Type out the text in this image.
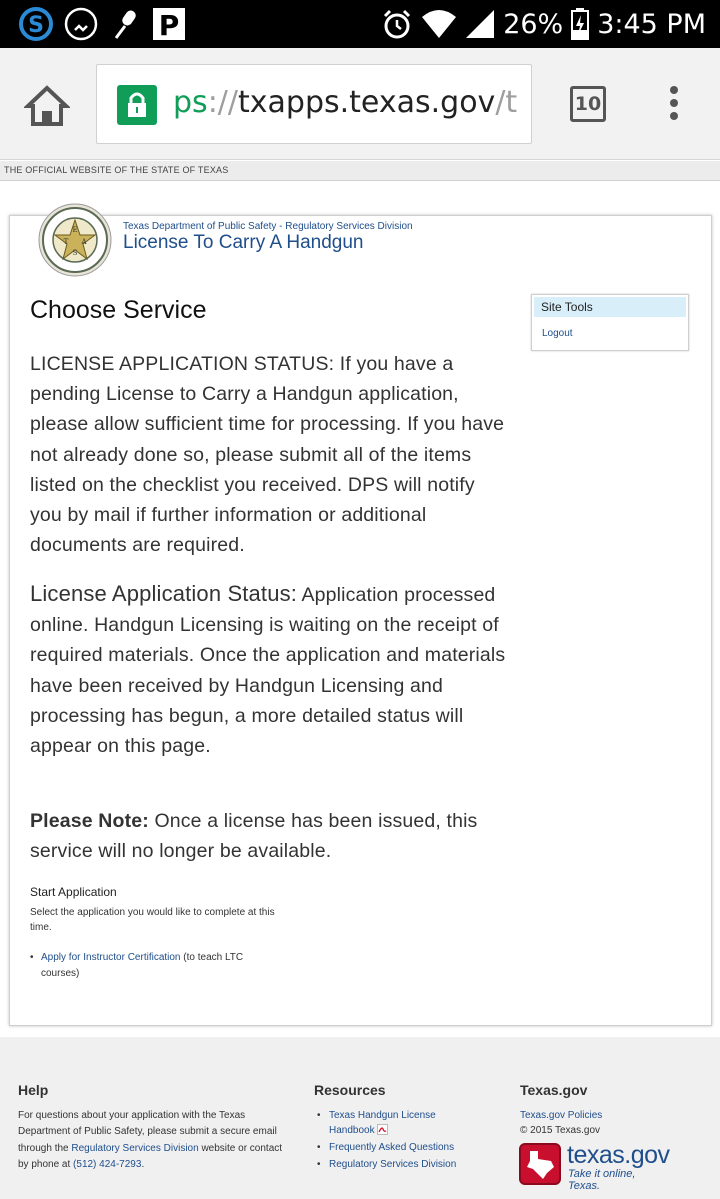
S	P	26% 3:45 PM
ps://txapps.texas.gov/t	10
THE OFFICIAL WEBSITE OF THE STATE OF TEXAS
E
T A
S
Texas Department of Public Safety - Regulatory Services Division
License To Carry A Handgun
Choose Service

LICENSE APPLICATION STATUS: If you have a pending License to Carry a Handgun application, please allow sufficient time for processing. If you have not already done so, please submit all of the items listed on the checklist you received. DPS will notify you by mail if further information or additional documents are required.

License Application Status: Application processed online. Handgun Licensing is waiting on the receipt of required materials. Once the application and materials have been received by Handgun Licensing and processing has begun, a more detailed status will appear on this page.

Please Note: Once a license has been issued, this service will no longer be available.

Start Application
Select the application you would like to complete at this time.
• Apply for Instructor Certification (to teach LTC courses)
Site Tools
Logout
Help
For questions about your application with the Texas Department of Public Safety, please submit a secure email through the Regulatory Services Division website or contact by phone at (512) 424-7293.
Resources
• Texas Handgun License Handbook
• Frequently Asked Questions
• Regulatory Services Division
Texas.gov
Texas.gov Policies
© 2015 Texas.gov
texas.gov
Take it online, Texas.
